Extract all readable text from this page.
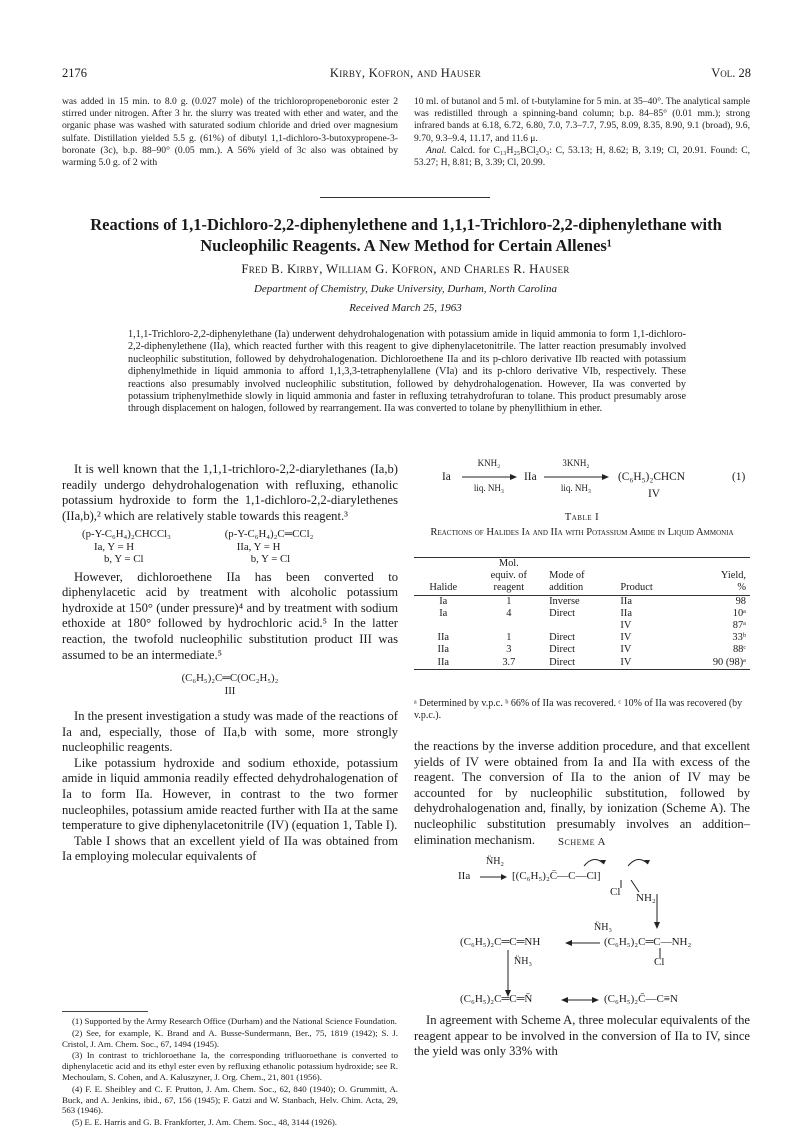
2176	Kirby, Kofron, and Hauser	Vol. 28
was added in 15 min. to 8.0 g. (0.027 mole) of the trichloropropeneboronic ester 2 stirred under nitrogen. After 3 hr. the slurry was treated with ether and water, and the organic phase was washed with saturated sodium chloride and dried over magnesium sulfate. Distillation yielded 5.5 g. (61%) of dibutyl 1,1-dichloro-3-butoxypropene-3-boronate (3c), b.p. 88–90° (0.05 mm.). A 56% yield of 3c also was obtained by warming 5.0 g. of 2 with
10 ml. of butanol and 5 ml. of t-butylamine for 5 min. at 35–40°. The analytical sample was redistilled through a spinning-band column; b.p. 84–85° (0.01 mm.); strong infrared bands at 6.18, 6.72, 6.80, 7.0, 7.3–7.7, 7.95, 8.09, 8.35, 8.90, 9.1 (broad), 9.6, 9.70, 9.3–9.4, 11.17, and 11.6 μ.
Anal. Calcd. for C₁₃H₂₅BCl₂O₃: C, 53.13; H, 8.62; B, 3.19; Cl, 20.91. Found: C, 53.27; H, 8.81; B, 3.39; Cl, 20.99.
Reactions of 1,1-Dichloro-2,2-diphenylethene and 1,1,1-Trichloro-2,2-diphenylethane with Nucleophilic Reagents. A New Method for Certain Allenes¹
Fred B. Kirby, William G. Kofron, and Charles R. Hauser
Department of Chemistry, Duke University, Durham, North Carolina
Received March 25, 1963
1,1,1-Trichloro-2,2-diphenylethane (Ia) underwent dehydrohalogenation with potassium amide in liquid ammonia to form 1,1-dichloro-2,2-diphenylethene (IIa), which reacted further with this reagent to give diphenylacetonitrile. The latter reaction presumably involved nucleophilic substitution, followed by dehydrohalogenation. Dichloroethene IIa and its p-chloro derivative IIb reacted with potassium diphenylmethide in liquid ammonia to afford 1,1,3,3-tetraphenylallene (VIa) and its p-chloro derivative VIb, respectively. These reactions also presumably involved nucleophilic substitution, followed by dehydrohalogenation. However, IIa was converted by potassium triphenylmethide slowly in liquid ammonia and faster in refluxing tetrahydrofuran to tolane. This product presumably arose through displacement on halogen, followed by rearrangement. IIa was converted to tolane by phenyllithium in ether.

It is well known that the 1,1,1-trichloro-2,2-diarylethanes (Ia,b) readily undergo dehydrohalogenation with refluxing, ethanolic potassium hydroxide to form the 1,1-dichloro-2,2-diarylethenes (IIa,b),² which are relatively stable towards this reagent.³

(p-Y-C₆H₄)₂CHCCl₃	(p-Y-C₆H₄)₂C═CCl₂
Ia, Y = H	IIa, Y = H
b, Y = Cl	b, Y = Cl

However, dichloroethene IIa has been converted to diphenylacetic acid by treatment with alcoholic potassium hydroxide at 150° (under pressure)⁴ and by treatment with sodium ethoxide at 180° followed by hydrochloric acid.⁵ In the latter reaction, the twofold nucleophilic substitution product III was assumed to be an intermediate.⁵

(C₆H₅)₂C═C(OC₂H₅)₂
III

In the present investigation a study was made of the reactions of Ia and, especially, those of IIa,b with some, more strongly nucleophilic reagents.

Like potassium hydroxide and sodium ethoxide, potassium amide in liquid ammonia readily effected dehydrohalogenation of Ia to form IIa. However, in contrast to the two former nucleophiles, potassium amide reacted further with IIa at the same temperature to give diphenylacetonitrile (IV) (equation 1, Table I).

Table I shows that an excellent yield of IIa was obtained from Ia employing molecular equivalents of

(1) Supported by the Army Research Office (Durham) and the National Science Foundation.

(2) See, for example, K. Brand and A. Busse-Sundermann, Ber., 75, 1819 (1942); S. J. Cristol, J. Am. Chem. Soc., 67, 1494 (1945).

(3) In contrast to trichloroethane Ia, the corresponding trifluoroethane is converted to diphenylacetic acid and its ethyl ester even by refluxing ethanolic potassium hydroxide; see R. Mechoulam, S. Cohen, and A. Kaluszyner, J. Org. Chem., 21, 801 (1956).

(4) F. E. Sheibley and C. F. Prutton, J. Am. Chem. Soc., 62, 840 (1940); O. Grummitt, A. Buck, and A. Jenkins, ibid., 67, 156 (1945); F. Gatzi and W. Stanbach, Helv. Chim. Acta, 29, 563 (1946).

(5) E. E. Harris and G. B. Frankforter, J. Am. Chem. Soc., 48, 3144 (1926).

Ia
KNH₂
liq. NH₃
IIa
3KNH₂
liq. NH₃
(C₆H₅)₂CHCN	(1)
IV
Table I
Reactions of Halides Ia and IIa with Potassium Amide in Liquid Ammonia
	Mol.			
	equiv. of	Mode of		Yield,
Halide	reagent	addition	Product	%
Ia	1	Inverse	IIa	98
Ia	4	Direct	IIa	10ᵃ
			IV	87ᵃ
IIa	1	Direct	IV	33ᵇ
IIa	3	Direct	IV	88ᶜ
IIa	3.7	Direct	IV	90 (98)ᵃ
ᵃ Determined by v.p.c. ᵇ 66% of IIa was recovered. ᶜ 10% of IIa was recovered (by v.p.c.).

the reactions by the inverse addition procedure, and that excellent yields of IV were obtained from Ia and IIa with excess of the reagent. The conversion of IIa to the anion of IV may be accounted for by nucleophilic substitution, followed by dehydrohalogenation and, finally, by ionization (Scheme A). The nucleophilic substitution presumably involves an addition–elimination mechanism.	Scheme A
N̈H₂
IIa	[(C₆H₅)₂C̈—C—Cl]
Cl NH₂
N̈H₃
(C₆H₅)₂C═C═NH	(C₆H₅)₂C═C—NH₂
Cl
N̈H₃
(C₆H₅)₂C═C═N̄	(C₆H₅)₂C̄—C≡N

In agreement with Scheme A, three molecular equivalents of the reagent appear to be involved in the conversion of IIa to IV, since the yield was only 33% with
